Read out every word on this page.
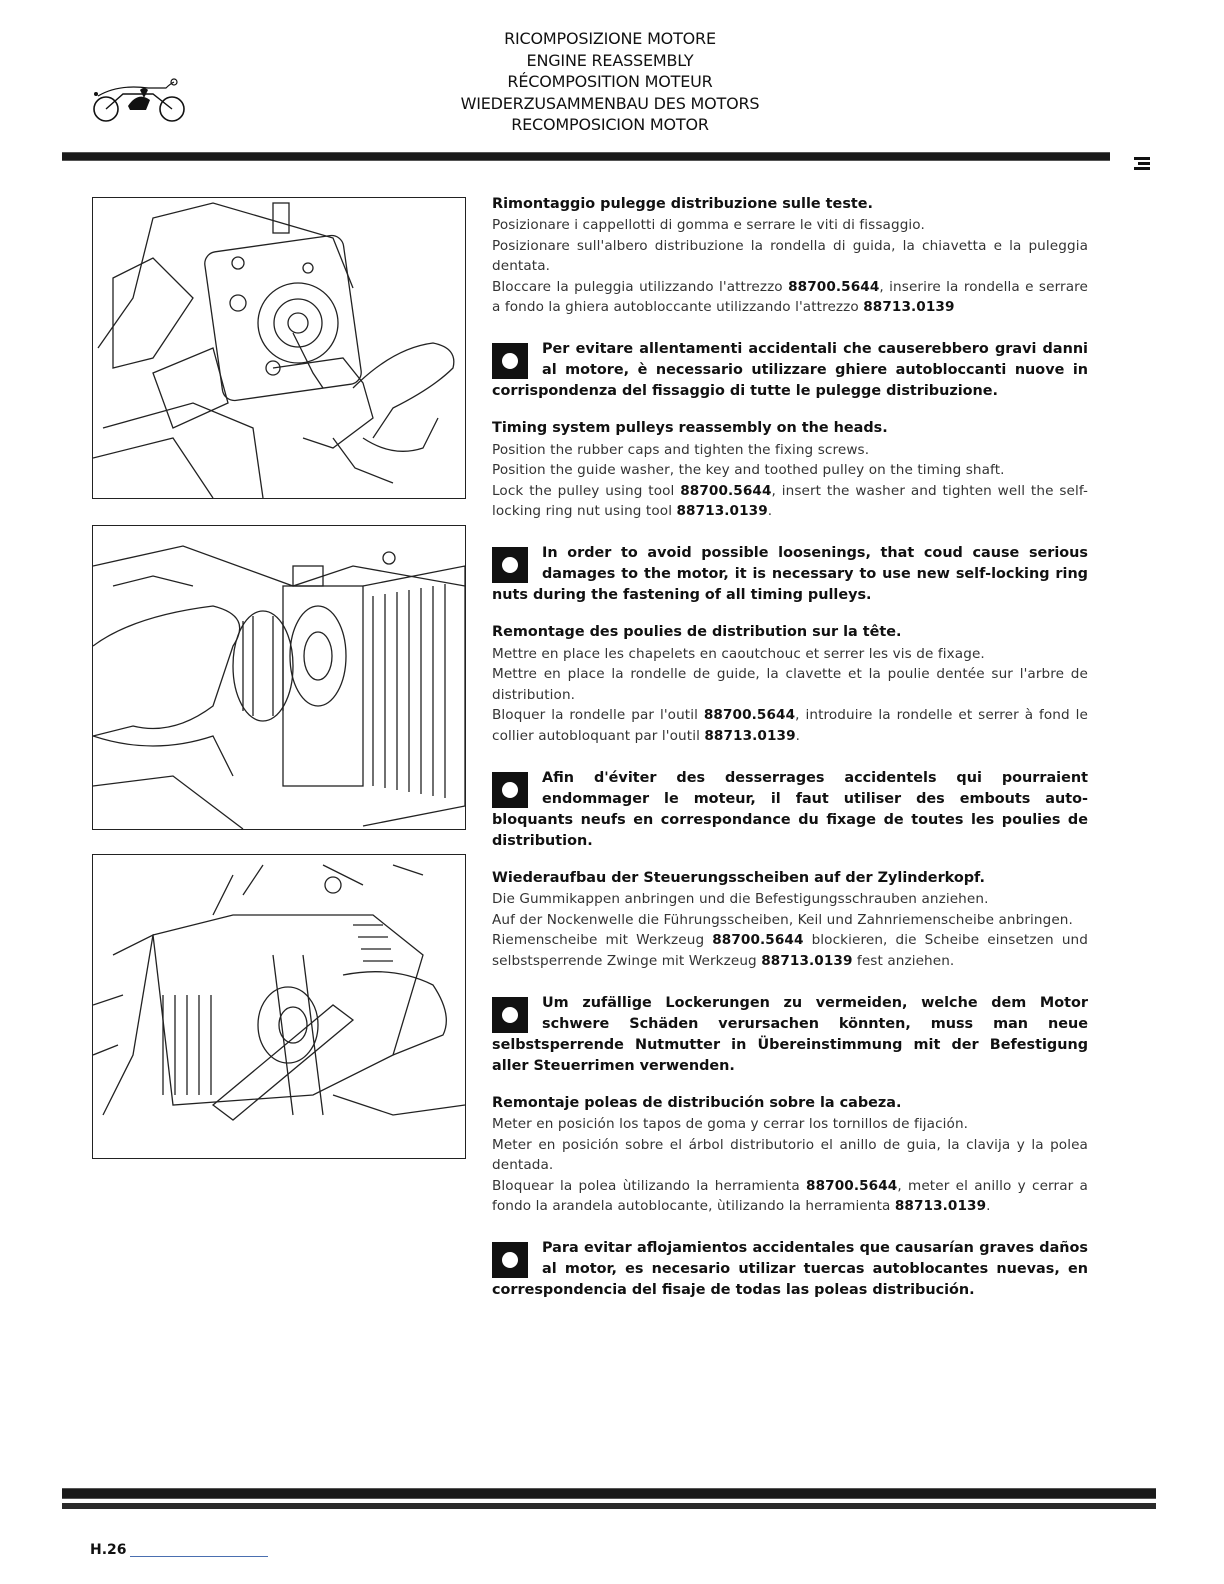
RICOMPOSIZIONE MOTORE
ENGINE REASSEMBLY
RÉCOMPOSITION MOTEUR
WIEDERZUSAMMENBAU DES MOTORS
RECOMPOSICION MOTOR
Rimontaggio pulegge distribuzione sulle teste.
Posizionare i cappellotti di gomma e serrare le viti di fissaggio.
Posizionare sull'albero distribuzione la rondella di guida, la chiavetta e la puleggia dentata.
Bloccare la puleggia utilizzando l'attrezzo 88700.5644, inserire la rondella e serrare a fondo la ghiera autobloccante utilizzando l'attrezzo 88713.0139
Per evitare allentamenti accidentali che causerebbero gravi danni al motore, è necessario utilizzare ghiere autobloccanti nuove in corrispondenza del fissaggio di tutte le pulegge distribuzione.
Timing system pulleys reassembly on the heads.
Position the rubber caps and tighten the fixing screws.
Position the guide washer, the key and toothed pulley on the timing shaft.
Lock the pulley using tool 88700.5644, insert the washer and tighten well the self-locking ring nut using tool 88713.0139.
In order to avoid possible loosenings, that coud cause serious damages to the motor, it is necessary to use new self-locking ring nuts during the fastening of all timing pulleys.
Remontage des poulies de distribution sur la tête.
Mettre en place les chapelets en caoutchouc et serrer les vis de fixage.
Mettre en place la rondelle de guide, la clavette et la poulie dentée sur l'arbre de distribution.
Bloquer la rondelle par l'outil 88700.5644, introduire la rondelle et serrer à fond le collier autobloquant par l'outil 88713.0139.
Afin d'éviter des desserrages accidentels qui pourraient endommager le moteur, il faut utiliser des embouts auto-bloquants neufs en correspondance du fixage de toutes les poulies de distribution.
Wiederaufbau der Steuerungsscheiben auf der Zylinderkopf.
Die Gummikappen anbringen und die Befestigungsschrauben anziehen.
Auf der Nockenwelle die Führungsscheiben, Keil und Zahnriemenscheibe anbringen.
Riemenscheibe mit Werkzeug 88700.5644 blockieren, die Scheibe einsetzen und selbstsperrende Zwinge mit Werkzeug 88713.0139 fest anziehen.
Um zufällige Lockerungen zu vermeiden, welche dem Motor schwere Schäden verursachen könnten, muss man neue selbstsperrende Nutmutter in Übereinstimmung mit der Befestigung aller Steuerrimen verwenden.
Remontaje poleas de distribución sobre la cabeza.
Meter en posición los tapos de goma y cerrar los tornillos de fijación.
Meter en posición sobre el árbol distributorio el anillo de guia, la clavija y la polea dentada.
Bloquear la polea ùtilizando la herramienta 88700.5644, meter el anillo y cerrar a fondo la arandela autoblocante, ùtilizando la herramienta 88713.0139.
Para evitar aflojamientos accidentales que causarían graves daños al motor, es necesario utilizar tuercas autoblocantes nuevas, en correspondencia del fisaje de todas las poleas distribución.
H.26
